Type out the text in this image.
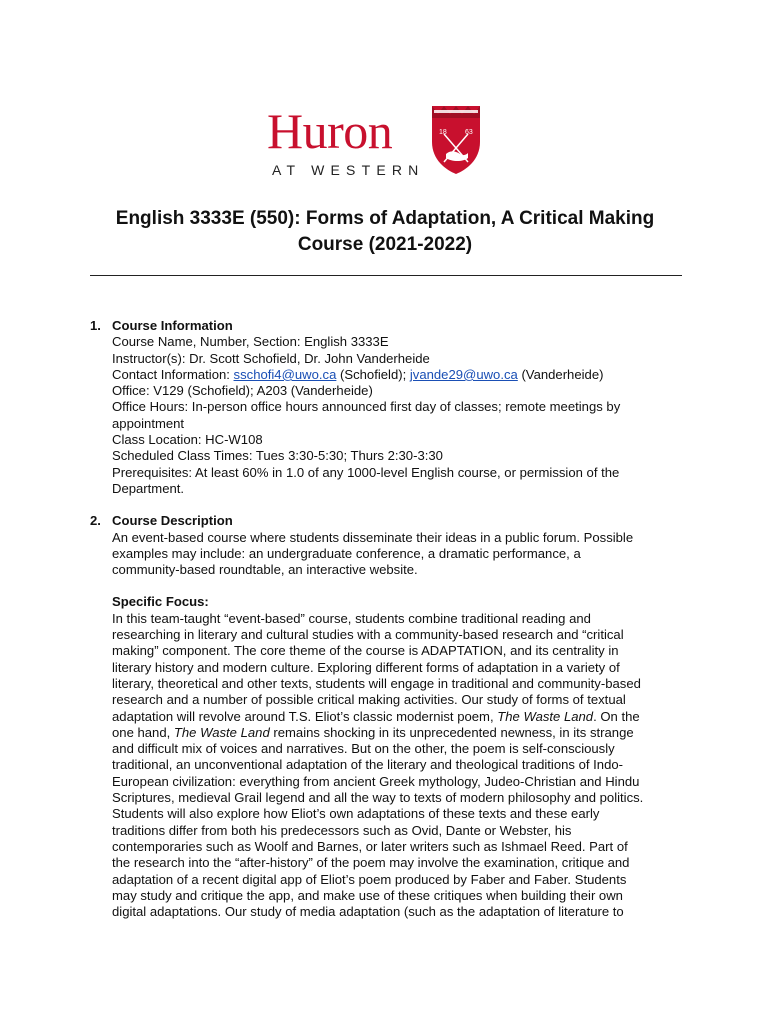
Huron	18	63
AT WESTERN
English 3333E (550): Forms of Adaptation, A Critical Making
Course (2021-2022)
1. Course Information
Course Name, Number, Section: English 3333E
Instructor(s): Dr. Scott Schofield, Dr. John Vanderheide
Contact Information: sschofi4@uwo.ca (Schofield); jvande29@uwo.ca (Vanderheide)
Office: V129 (Schofield); A203 (Vanderheide)
Office Hours: In-person office hours announced first day of classes; remote meetings by
appointment
Class Location: HC-W108
Scheduled Class Times: Tues 3:30-5:30; Thurs 2:30-3:30
Prerequisites: At least 60% in 1.0 of any 1000-level English course, or permission of the
Department.
2. Course Description
An event-based course where students disseminate their ideas in a public forum. Possible
examples may include: an undergraduate conference, a dramatic performance, a
community-based roundtable, an interactive website.
Specific Focus:
In this team-taught “event-based” course, students combine traditional reading and
researching in literary and cultural studies with a community-based research and “critical
making” component. The core theme of the course is ADAPTATION, and its centrality in
literary history and modern culture. Exploring different forms of adaptation in a variety of
literary, theoretical and other texts, students will engage in traditional and community-based
research and a number of possible critical making activities. Our study of forms of textual
adaptation will revolve around T.S. Eliot’s classic modernist poem, The Waste Land. On the
one hand, The Waste Land remains shocking in its unprecedented newness, in its strange
and difficult mix of voices and narratives. But on the other, the poem is self-consciously
traditional, an unconventional adaptation of the literary and theological traditions of Indo-
European civilization: everything from ancient Greek mythology, Judeo-Christian and Hindu
Scriptures, medieval Grail legend and all the way to texts of modern philosophy and politics.
Students will also explore how Eliot’s own adaptations of these texts and these early
traditions differ from both his predecessors such as Ovid, Dante or Webster, his
contemporaries such as Woolf and Barnes, or later writers such as Ishmael Reed. Part of
the research into the “after-history” of the poem may involve the examination, critique and
adaptation of a recent digital app of Eliot’s poem produced by Faber and Faber. Students
may study and critique the app, and make use of these critiques when building their own
digital adaptations. Our study of media adaptation (such as the adaptation of literature to
